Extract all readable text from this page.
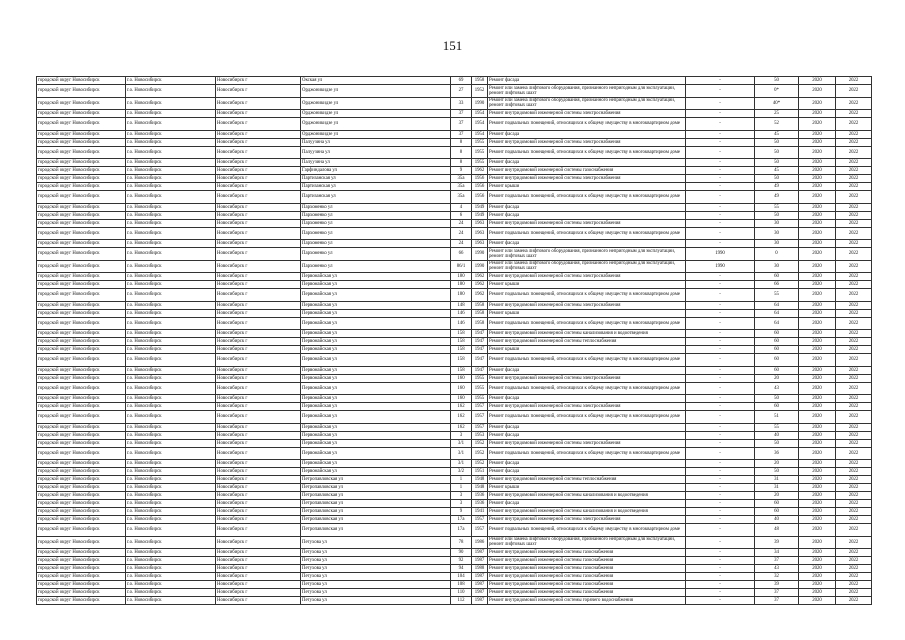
151
городской округ Новосибирск	г.о. Новосибирск	Новосибирск г	Окская ул	69	1958	Ремонт фасада	-	50	2020	2022
городской округ Новосибирск	г.о. Новосибирск	Новосибирск г	Орджоникидзе ул	27	1952	Ремонт или замена лифтового оборудования, признанного непригодным для эксплуатации, ремонт лифтовых шахт	-	0*	2020	2022
городской округ Новосибирск	г.о. Новосибирск	Новосибирск г	Орджоникидзе ул	33	1990	Ремонт или замена лифтового оборудования, признанного непригодным для эксплуатации, ремонт лифтовых шахт	-	40*	2020	2022
городской округ Новосибирск	г.о. Новосибирск	Новосибирск г	Орджоникидзе ул	37	1954	Ремонт внутридомовой инженерной системы электроснабжения	-	25	2020	2022
городской округ Новосибирск	г.о. Новосибирск	Новосибирск г	Орджоникидзе ул	37	1954	Ремонт подвальных помещений, относящихся к общему имуществу в многоквартирном доме	-	52	2020	2022
городской округ Новосибирск	г.о. Новосибирск	Новосибирск г	Орджоникидзе ул	37	1954	Ремонт фасада	-	45	2020	2022
городской округ Новосибирск	г.о. Новосибирск	Новосибирск г	Палуузина ул	8	1955	Ремонт внутридомовой инженерной системы электроснабжения	-	50	2020	2022
городской округ Новосибирск	г.о. Новосибирск	Новосибирск г	Палуузина ул	8	1955	Ремонт подвальных помещений, относящихся к общему имуществу в многоквартирном доме	-	50	2020	2022
городской округ Новосибирск	г.о. Новосибирск	Новосибирск г	Палуузина ул	8	1955	Ремонт фасада	-	50	2020	2022
городской округ Новосибирск	г.о. Новосибирск	Новосибирск г	Гарфиндалова ул	9	1962	Ремонт внутридомовой инженерной системы газоснабжения	-	45	2020	2022
городской округ Новосибирск	г.о. Новосибирск	Новосибирск г	Партизанская ул	35а	1956	Ремонт внутридомовой инженерной системы электроснабжения	-	50	2020	2022
городской округ Новосибирск	г.о. Новосибирск	Новосибирск г	Партизанская ул	35а	1956	Ремонт крыши	-	49	2020	2022
городской округ Новосибирск	г.о. Новосибирск	Новосибирск г	Партизанская ул	35а	1956	Ремонт подвальных помещений, относящихся к общему имуществу в многоквартирном доме	-	49	2020	2022
городской округ Новосибирск	г.о. Новосибирск	Новосибирск г	Пархоменко ул	4	1949	Ремонт фасада	-	55	2020	2022
городской округ Новосибирск	г.о. Новосибирск	Новосибирск г	Пархоменко ул	6	1949	Ремонт фасада	-	50	2020	2022
городской округ Новосибирск	г.о. Новосибирск	Новосибирск г	Пархоменко ул	24	1963	Ремонт внутридомовой инженерной системы электроснабжения	-	30	2020	2022
городской округ Новосибирск	г.о. Новосибирск	Новосибирск г	Пархоменко ул	24	1963	Ремонт подвальных помещений, относящихся к общему имуществу в многоквартирном доме	-	30	2020	2022
городской округ Новосибирск	г.о. Новосибирск	Новосибирск г	Пархоменко ул	24	1963	Ремонт фасада	-	30	2020	2022
городской округ Новосибирск	г.о. Новосибирск	Новосибирск г	Пархоменко ул	66	1990	Ремонт или замена лифтового оборудования, признанного непригодным для эксплуатации, ремонт лифтовых шахт	1990	0	2020	2022
городской округ Новосибирск	г.о. Новосибирск	Новосибирск г	Пархоменко ул	86/1	1990	Ремонт или замена лифтового оборудования, признанного непригодным для эксплуатации, ремонт лифтовых шахт	1990	30	2020	2022
городской округ Новосибирск	г.о. Новосибирск	Новосибирск г	Первомайская ул	180	1962	Ремонт внутридомовой инженерной системы электроснабжения	-	60	2020	2022
городской округ Новосибирск	г.о. Новосибирск	Новосибирск г	Первомайская ул	180	1962	Ремонт крыши	-	66	2020	2022
городской округ Новосибирск	г.о. Новосибирск	Новосибирск г	Первомайская ул	180	1962	Ремонт подвальных помещений, относящихся к общему имуществу в многоквартирном доме	-	55	2020	2022
городской округ Новосибирск	г.о. Новосибирск	Новосибирск г	Первомайская ул	148	1958	Ремонт внутридомовой инженерной системы электроснабжения	-	64	2020	2022
городской округ Новосибирск	г.о. Новосибирск	Новосибирск г	Первомайская ул	146	1958	Ремонт крыши	-	64	2020	2022
городской округ Новосибирск	г.о. Новосибирск	Новосибирск г	Первомайская ул	146	1958	Ремонт подвальных помещений, относящихся к общему имуществу в многоквартирном доме	-	64	2020	2022
городской округ Новосибирск	г.о. Новосибирск	Новосибирск г	Первомайская ул	158	1947	Ремонт внутридомовой инженерной системы канализования и водоотведения	-	60	2020	2022
городской округ Новосибирск	г.о. Новосибирск	Новосибирск г	Первомайская ул	158	1947	Ремонт внутридомовой инженерной системы теплоснабжения	-	60	2020	2022
городской округ Новосибирск	г.о. Новосибирск	Новосибирск г	Первомайская ул	158	1947	Ремонт крыши	-	60	2020	2022
городской округ Новосибирск	г.о. Новосибирск	Новосибирск г	Первомайская ул	158	1947	Ремонт подвальных помещений, относящихся к общему имуществу в многоквартирном доме	-	60	2020	2022
городской округ Новосибирск	г.о. Новосибирск	Новосибирск г	Первомайская ул	158	1947	Ремонт фасада	-	60	2020	2022
городской округ Новосибирск	г.о. Новосибирск	Новосибирск г	Первомайская ул	160	1955	Ремонт внутридомовой инженерной системы электроснабжения	-	20	2020	2022
городской округ Новосибирск	г.о. Новосибирск	Новосибирск г	Первомайская ул	160	1955	Ремонт подвальных помещений, относящихся к общему имуществу в многоквартирном доме	-	43	2020	2022
городской округ Новосибирск	г.о. Новосибирск	Новосибирск г	Первомайская ул	160	1955	Ремонт фасада	-	50	2020	2022
городской округ Новосибирск	г.о. Новосибирск	Новосибирск г	Первомайская ул	162	1957	Ремонт внутридомовой инженерной системы электроснабжения	-	60	2020	2022
городской округ Новосибирск	г.о. Новосибирск	Новосибирск г	Первомайская ул	162	1957	Ремонт подвальных помещений, относящихся к общему имуществу в многоквартирном доме	-	51	2020	2022
городской округ Новосибирск	г.о. Новосибирск	Новосибирск г	Первомайская ул	162	1957	Ремонт фасада	-	55	2020	2022
городской округ Новосибирск	г.о. Новосибирск	Новосибирск г	Первомайская ул	3	1953	Ремонт фасада	-	40	2020	2022
городской округ Новосибирск	г.о. Новосибирск	Новосибирск г	Первомайская ул	3/1	1952	Ремонт внутридомовой инженерной системы электроснабжения	-	50	2020	2022
городской округ Новосибирск	г.о. Новосибирск	Новосибирск г	Первомайская ул	3/1	1952	Ремонт подвальных помещений, относящихся к общему имуществу в многоквартирном доме	-	36	2020	2022
городской округ Новосибирск	г.о. Новосибирск	Новосибирск г	Первомайская ул	3/1	1952	Ремонт фасада	-	20	2020	2022
городской округ Новосибирск	г.о. Новосибирск	Новосибирск г	Первомайская ул	3/2	1951	Ремонт фасада	-	50	2020	2022
городской округ Новосибирск	г.о. Новосибирск	Новосибирск г	Петропавловская ул	1	1948	Ремонт внутридомовой инженерной системы теплоснабжения	-	31	2020	2022
городской округ Новосибирск	г.о. Новосибирск	Новосибирск г	Петропавловская ул	1	1948	Ремонт крыши	-	31	2020	2022
городской округ Новосибирск	г.о. Новосибирск	Новосибирск г	Петропавловская ул	3	1936	Ремонт внутридомовой инженерной системы канализования и водоотведения	-	20	2020	2022
городской округ Новосибирск	г.о. Новосибирск	Новосибирск г	Петропавловская ул	3	1936	Ремонт фасада	-	60	2020	2022
городской округ Новосибирск	г.о. Новосибирск	Новосибирск г	Петропавловская ул	9	1941	Ремонт внутридомовой инженерной системы канализования и водоотведения	-	60	2020	2022
городской округ Новосибирск	г.о. Новосибирск	Новосибирск г	Петропавловская ул	17а	1957	Ремонт внутридомовой инженерной системы электроснабжения	-	40	2020	2022
городской округ Новосибирск	г.о. Новосибирск	Новосибирск г	Петропавловская ул	17а	1957	Ремонт подвальных помещений, относящихся к общему имуществу в многоквартирном доме	-	48	2020	2022
городской округ Новосибирск	г.о. Новосибирск	Новосибирск г	Петухова ул	78	1986	Ремонт или замена лифтового оборудования, признанного непригодным для эксплуатации, ремонт лифтовых шахт	-	39	2020	2022
городской округ Новосибирск	г.о. Новосибирск	Новосибирск г	Петухова ул	90	1987	Ремонт внутридомовой инженерной системы газоснабжения	-	34	2020	2022
городской округ Новосибирск	г.о. Новосибирск	Новосибирск г	Петухова ул	92	1987	Ремонт внутридомовой инженерной системы газоснабжения	-	37	2020	2022
городской округ Новосибирск	г.о. Новосибирск	Новосибирск г	Петухова ул	94	1988	Ремонт внутридомовой инженерной системы газоснабжения	-	43	2020	2022
городской округ Новосибирск	г.о. Новосибирск	Новосибирск г	Петухова ул	104	1987	Ремонт внутридомовой инженерной системы газоснабжения	-	32	2020	2022
городской округ Новосибирск	г.о. Новосибирск	Новосибирск г	Петухова ул	108	1987	Ремонт внутридомовой инженерной системы газоснабжения	-	39	2020	2022
городской округ Новосибирск	г.о. Новосибирск	Новосибирск г	Петухова ул	110	1987	Ремонт внутридомовой инженерной системы газоснабжения	-	37	2020	2022
городской округ Новосибирск	г.о. Новосибирск	Новосибирск г	Петухова ул	112	1987	Ремонт внутридомовой инженерной системы горячего водоснабжения	-	37	2020	2022
